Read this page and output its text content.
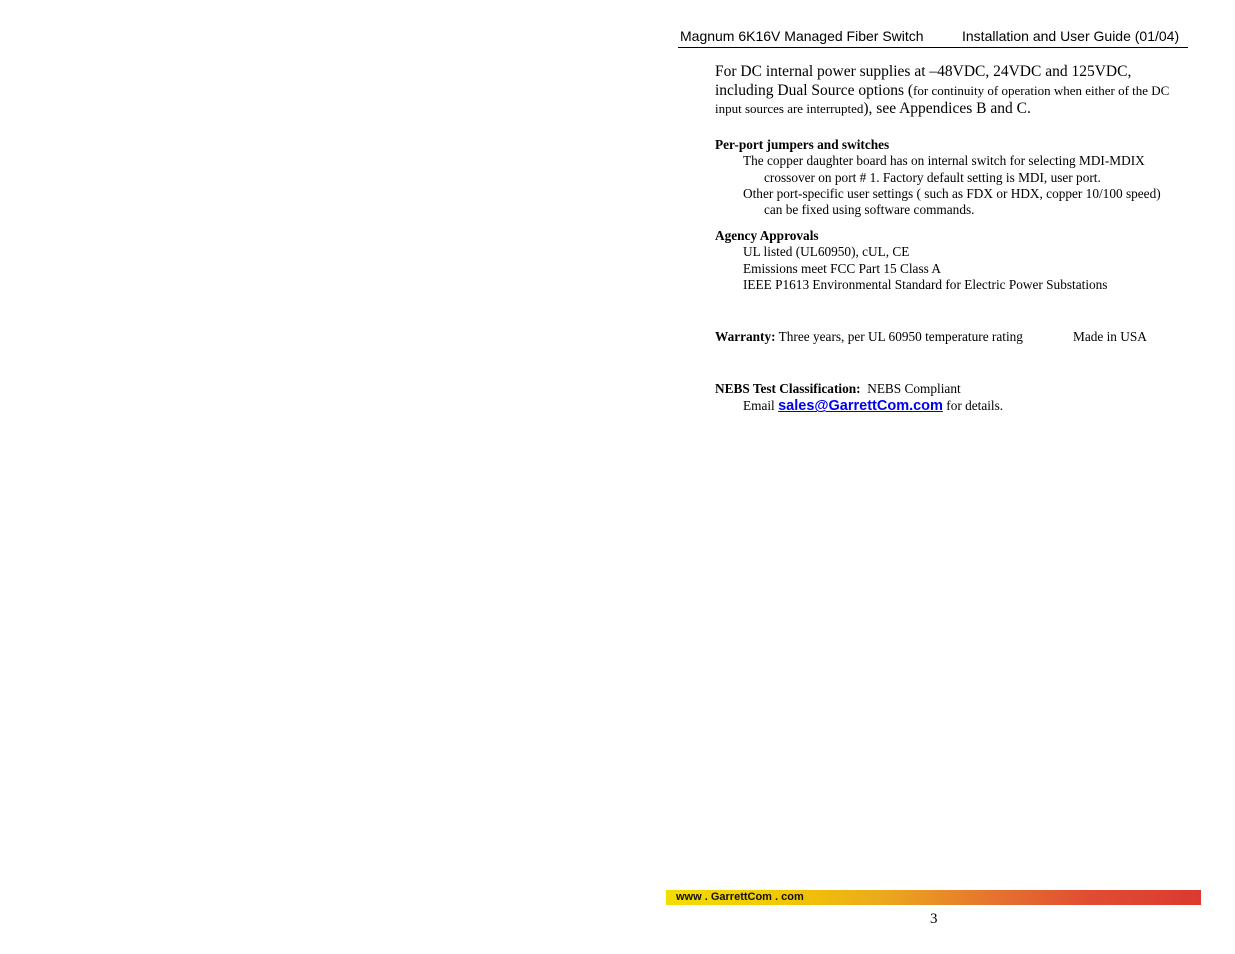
Magnum 6K16V Managed Fiber Switch	Installation and User Guide (01/04)
For DC internal power supplies at –48VDC, 24VDC and 125VDC, including Dual Source options (for continuity of operation when either of the DC input sources are interrupted), see Appendices B and C.
Per-port jumpers and switches
The copper daughter board has on internal switch for selecting MDI-MDIX
crossover on port # 1. Factory default setting is MDI, user port.
Other port-specific user settings ( such as FDX or HDX, copper 10/100 speed)
can be fixed using software commands.
Agency Approvals
UL listed (UL60950), cUL, CE
Emissions meet FCC Part 15 Class A
IEEE P1613 Environmental Standard for Electric Power Substations
Warranty: Three years, per UL 60950 temperature rating	Made in USA
NEBS Test Classification:  NEBS Compliant
Email sales@GarrettCom.com for details.
www . GarrettCom . com
3
